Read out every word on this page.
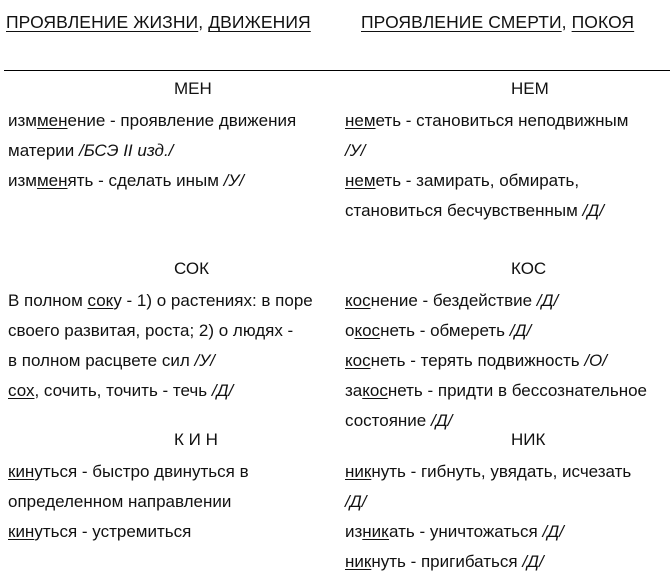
ПРОЯВЛЕНИЕ ЖИЗНИ, ДВИЖЕНИЯ	ПРОЯВЛЕНИЕ СМЕРТИ, ПОКОЯ
МЕН
измменение - проявление движения
материи /БСЭ II изд./
измменять - сделать иным /У/
СОК
В полном соку - 1) о растениях: в поре
своего развитая, роста; 2) о людях -
в полном расцвете сил /У/
сох, сочить, точить - течь /Д/
К И Н
кинуться - быстро двинуться в
определенном направлении
кинуться - устремиться
НЕМ
неметь - становиться неподвижным
/У/
неметь - замирать, обмирать,
становиться бесчувственным /Д/
КОС
коснение - бездействие /Д/
окоснеть - обмереть /Д/
коснеть - терять подвижность /О/
закоснеть - придти в бессознательное
состояние /Д/
НИК
никнуть - гибнуть, увядать, исчезать
/Д/
изникать - уничтожаться /Д/
никнуть - пригибаться /Д/
